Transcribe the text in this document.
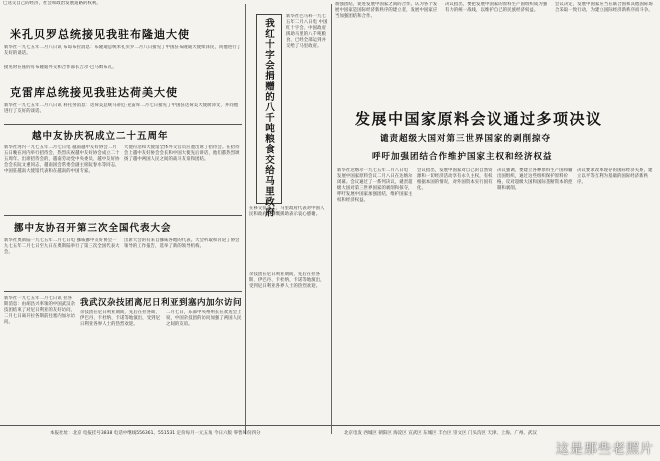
已送交自己的经济，社会和政治发展道路的权利。
米孔贝罗总统接见我驻布隆迪大使
新华社一九七五年二月八日讯 布琼布拉消息：布隆迪总统米孔贝罗二月八日接见了中国驻布隆迪大使柴泽民，同他进行了友好的谈话。
接见时在座的有布隆迪外交和合作部长吉尔·巴马姆布瓦。
克雷库总统接见我驻达荷美大使
新华社一九七五年二月八日讯 科托努消息：达荷美总统马蒂厄·克雷库二月七日接见了中国驻达荷美大使俞沛文，并同他进行了友好的谈话。
越中友协庆祝成立二十五周年
新华社河内一九七五年二月七日电 越南越中友好协会二月五日晚在河内举行招待会，热烈庆祝越中友好协会成立二十五周年。出席招待会的，越南劳动党中央委员、越中友好协会会长阮文重同志，越南国会常委会副主席阮春水等同志，中国驻越南大使馆代表和在越南的中国专家。
大使符浩和大使馆全体外交官员应邀出席了招待会。在招待会上越中友好协会会长和中国大使先后讲话，他们都热烈颂扬了越中两国人民之间的战斗友谊和团结。
挪中友协召开第三次全国代表大会
新华社奥斯陆一九七五年二月七日电 挪威挪中友好协会一九七五年二月七日至九日在奥斯陆举行了第三次全国代表大会。
出席大会的有来自挪威各地的代表。大会听取和讨论了协会领导的工作报告，选举了新的领导机构。
我武汉杂技团离尼日利亚到塞内加尔访问
新华社一九七五年二月七日讯 拉各斯消息：由胡昌兴率领的中国武汉杂技团结束了对尼日利亚的友好访问，二月七日离开拉各斯前往塞内加尔访问。
杂技团在尼日利亚期间，先后在拉各斯、伊巴丹、卡杜纳、卡诺等地演出，受到尼日利亚各界人士的热烈欢迎。
二月七日，东部中央州州长在欢送会上说，中国杂技团的访问加强了两国人民之间的友谊。
我红十字会捐赠的八千吨粮食交给马里政府
新华社巴马科一九七五年二月八日电 中国红十字会、中国政府援助马里的八千吨粮食，已经全部运到并交给了马里政府。
在移交仪式上，马里政府代表对中国人民和政府的慷慨援助表示衷心感谢。
杂技团在尼日利亚期间，先后在拉各斯、伊巴丹、卡杜纳、卡诺等地演出，受到尼日利亚各界人士的热烈欢迎。
加强团结，促进发展中国家之间的合作。认为各个发展中国家是国际经济新秩序的建立者，发展中国家应当加强团结和合作。
决议指出，要把发展中国家的原料生产国组织成为强有力的统一战线，以维护自己的民族经济权益。
会议决定，发展中国家应当在联合国和其他国际场合采取一致行动，为建立国际经济新秩序而斗争。
发展中国家原料会议通过多项决议
谴责超级大国对第三世界国家的剥削掠夺
呼吁加强团结合作维护国家主权和经济权益
新华社达喀尔一九七五年二月八日电 发展中国家原料会议二月八日在达喀尔闭幕。会议通过了一系列决议，谴责超级大国对第三世界国家的剥削和掠夺，呼吁发展中国家加强团结，维护国家主权和经济权益。
会议指出，发展中国家对自己的自然资源和一切经济活动享有永久主权，有权根据本国的情况，对外国资本实行国有化。
决议强调，要建立各种原料生产国和输出国组织，通过这些组织保护原料价格，反对超级大国和国际垄断资本的控制和剥削。
决议要求改革现存的国际经济关系，建立以平等互利为基础的国际经济新秩序。
本报社址：北京 电报挂号3838 电话中继线556361、551531 定价每月一元五角 今日六版 零售每份四分	北京电发 西城区 朝阳区 海淀区 宣武区 东城区 丰台区 崇文区 门头沟区 天津、上海、广州、武汉
这是那些老照片
